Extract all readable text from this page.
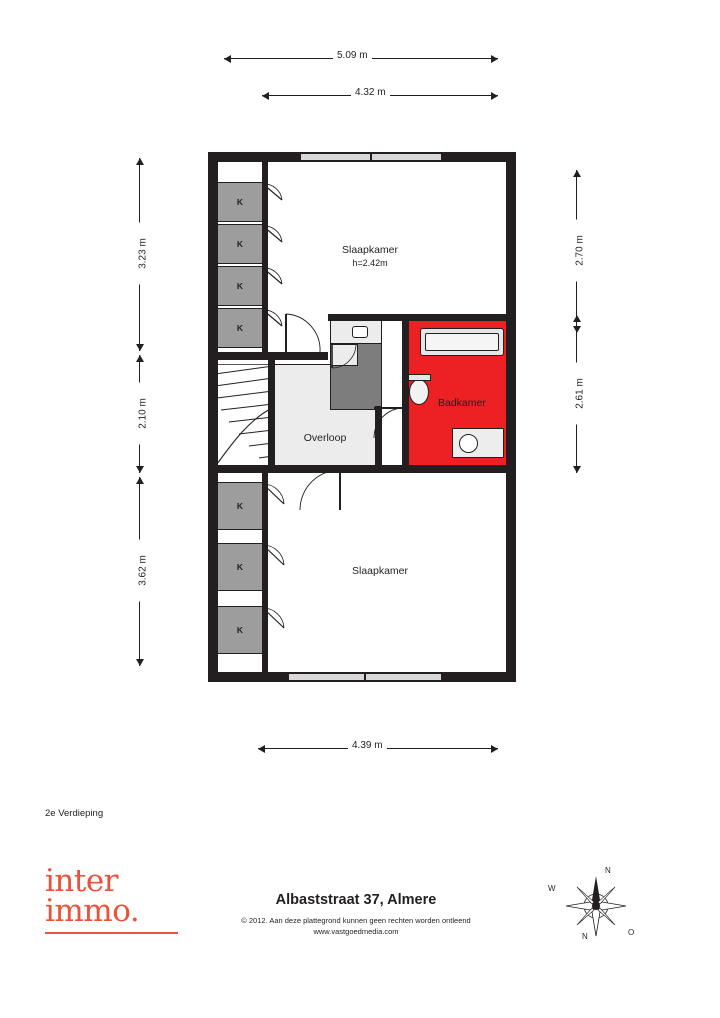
5.09 m
4.32 m
3.23 m
2.10 m
3.62 m
2.70 m
2.61 m
4.39 m
Badkamer
Overloop
Slaapkamer
h=2.42m
Slaapkamer
K
K
K
K
K
K
K
2e Verdieping
inter
immo.	Albaststraat 37, Almere
© 2012. Aan deze plattegrond kunnen geen rechten worden ontleend
www.vastgoedmedia.com
N
O
N
W
